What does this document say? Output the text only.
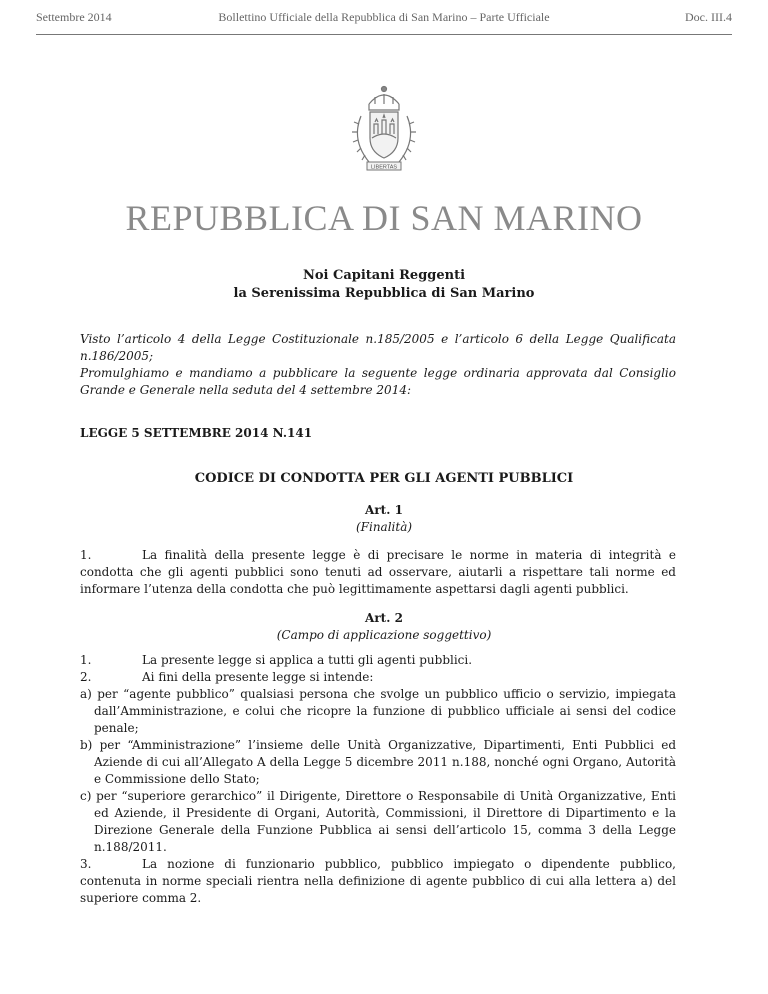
Settembre 2014	Bollettino Ufficiale della Repubblica di San Marino – Parte Ufficiale	Doc. III.4
LIBERTAS
REPUBBLICA DI SAN MARINO
Noi Capitani Reggenti
la Serenissima Repubblica di San Marino
Visto l’articolo 4 della Legge Costituzionale n.185/2005 e l’articolo 6 della Legge Qualificata n.186/2005;
Promulghiamo e mandiamo a pubblicare la seguente legge ordinaria approvata dal Consiglio Grande e Generale nella seduta del 4 settembre 2014:
LEGGE 5 SETTEMBRE 2014 N.141
CODICE DI CONDOTTA PER GLI AGENTI PUBBLICI
Art. 1
(Finalità)
1.	La finalità della presente legge è di precisare le norme in materia di integrità e condotta che gli agenti pubblici sono tenuti ad osservare, aiutarli a rispettare tali norme ed informare l’utenza della condotta che può legittimamente aspettarsi dagli agenti pubblici.
Art. 2
(Campo di applicazione soggettivo)
1.	La presente legge si applica a tutti gli agenti pubblici.
2.	Ai fini della presente legge si intende:
a) per “agente pubblico” qualsiasi persona che svolge un pubblico ufficio o servizio, impiegata dall’Amministrazione, e colui che ricopre la funzione di pubblico ufficiale ai sensi del codice penale;
b) per “Amministrazione” l’insieme delle Unità Organizzative, Dipartimenti, Enti Pubblici ed Aziende di cui all’Allegato A della Legge 5 dicembre 2011 n.188, nonché ogni Organo, Autorità e Commissione dello Stato;
c) per “superiore gerarchico” il Dirigente, Direttore o Responsabile di Unità Organizzative, Enti ed Aziende, il Presidente di Organi, Autorità, Commissioni, il Direttore di Dipartimento e la Direzione Generale della Funzione Pubblica ai sensi dell’articolo 15, comma 3 della Legge n.188/2011.
3.	La nozione di funzionario pubblico, pubblico impiegato o dipendente pubblico, contenuta in norme speciali rientra nella definizione di agente pubblico di cui alla lettera a) del superiore comma 2.
